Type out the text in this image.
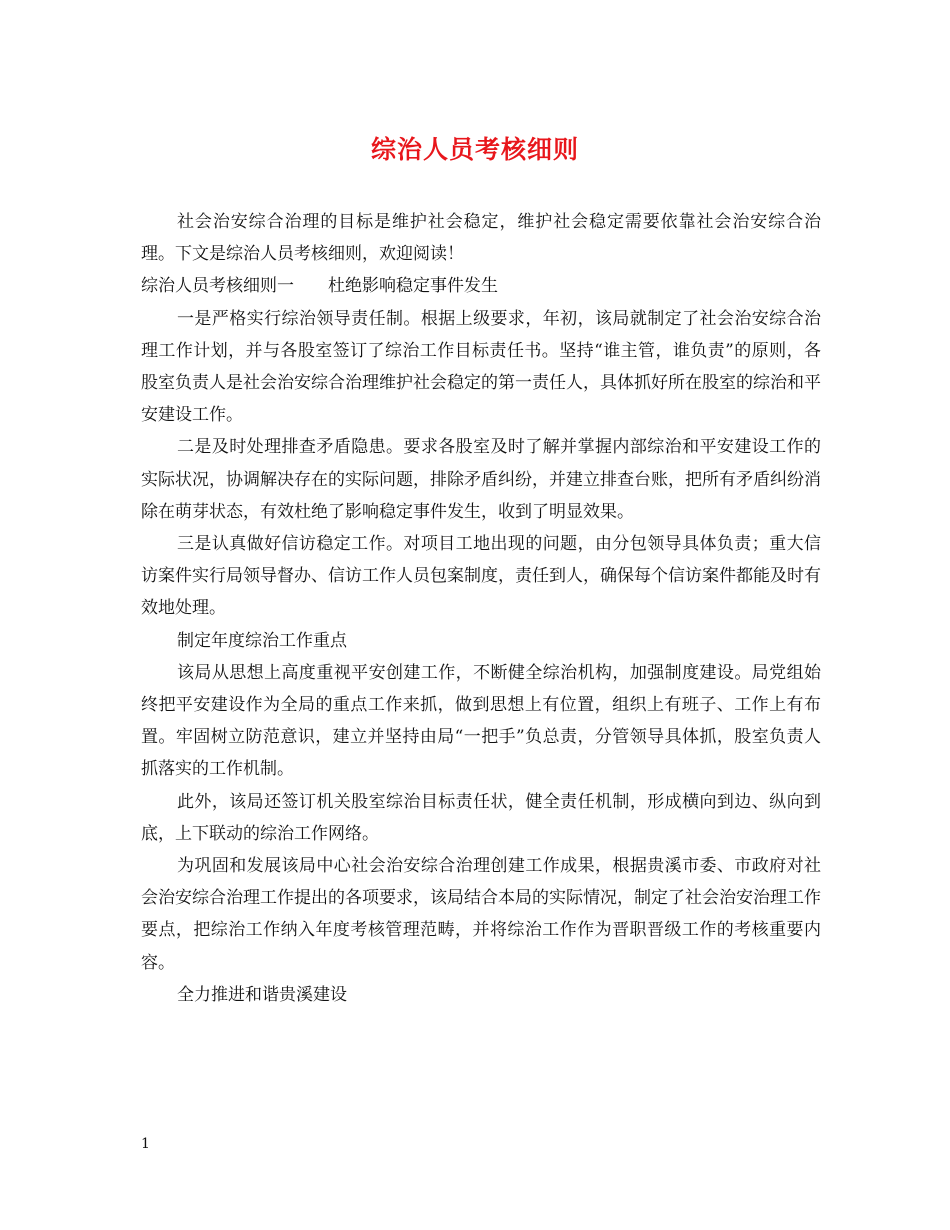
综治人员考核细则

社会治安综合治理的目标是维护社会稳定，维护社会稳定需要依靠社会治安综合治理。下文是综治人员考核细则，欢迎阅读！

综治人员考核细则一　　杜绝影响稳定事件发生

一是严格实行综治领导责任制。根据上级要求，年初，该局就制定了社会治安综合治理工作计划，并与各股室签订了综治工作目标责任书。坚持“谁主管，谁负责”的原则，各股室负责人是社会治安综合治理维护社会稳定的第一责任人，具体抓好所在股室的综治和平安建设工作。

二是及时处理排查矛盾隐患。要求各股室及时了解并掌握内部综治和平安建设工作的实际状况，协调解决存在的实际问题，排除矛盾纠纷，并建立排查台账，把所有矛盾纠纷消除在萌芽状态，有效杜绝了影响稳定事件发生，收到了明显效果。

三是认真做好信访稳定工作。对项目工地出现的问题，由分包领导具体负责；重大信访案件实行局领导督办、信访工作人员包案制度，责任到人，确保每个信访案件都能及时有效地处理。

制定年度综治工作重点

该局从思想上高度重视平安创建工作，不断健全综治机构，加强制度建设。局党组始终把平安建设作为全局的重点工作来抓，做到思想上有位置，组织上有班子、工作上有布置。牢固树立防范意识，建立并坚持由局“一把手”负总责，分管领导具体抓，股室负责人抓落实的工作机制。

此外，该局还签订机关股室综治目标责任状，健全责任机制，形成横向到边、纵向到底，上下联动的综治工作网络。

为巩固和发展该局中心社会治安综合治理创建工作成果，根据贵溪市委、市政府对社会治安综合治理工作提出的各项要求，该局结合本局的实际情况，制定了社会治安治理工作要点，把综治工作纳入年度考核管理范畴，并将综治工作作为晋职晋级工作的考核重要内容。

全力推进和谐贵溪建设

1
